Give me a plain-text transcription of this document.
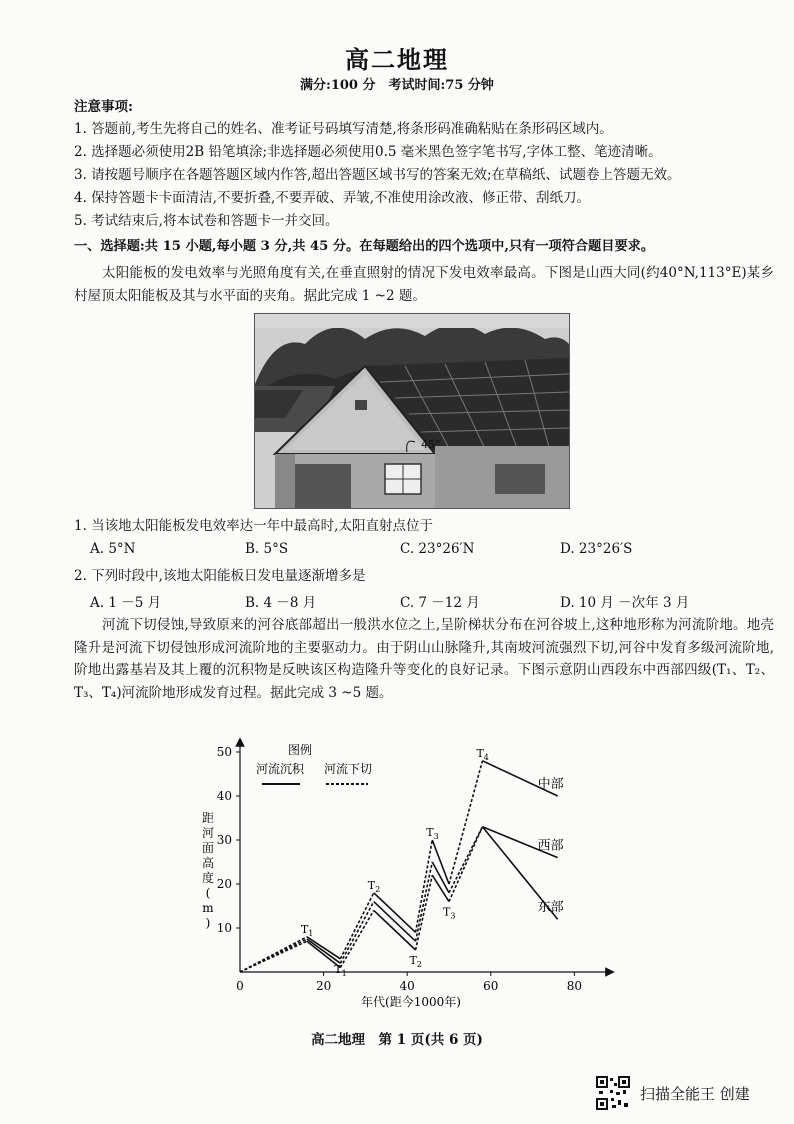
高二地理
满分:100 分　考试时间:75 分钟
注意事项:
1. 答题前,考生先将自己的姓名、准考证号码填写清楚,将条形码准确粘贴在条形码区域内。
2. 选择题必须使用2B 铅笔填涂;非选择题必须使用0.5 毫米黑色签字笔书写,字体工整、笔迹清晰。
3. 请按题号顺序在各题答题区域内作答,超出答题区域书写的答案无效;在草稿纸、试题卷上答题无效。
4. 保持答题卡卡面清洁,不要折叠,不要弄破、弄皱,不准使用涂改液、修正带、刮纸刀。
5. 考试结束后,将本试卷和答题卡一并交回。
一、选择题:共 15 小题,每小题 3 分,共 45 分。在每题给出的四个选项中,只有一项符合题目要求。

太阳能板的发电效率与光照角度有关,在垂直照射的情况下发电效率最高。下图是山西大同(约40°N,113°E)某乡村屋顶太阳能板及其与水平面的夹角。据此完成 1 ~2 题。

45°
1. 当该地太阳能板发电效率达一年中最高时,太阳直射点位于
A. 5°N	B. 5°S	C. 23°26′N	D. 23°26′S
2. 下列时段中,该地太阳能板日发电量逐渐增多是
A. 1 －5 月	B. 4 －8 月	C. 7 －12 月	D. 10 月 －次年 3 月

河流下切侵蚀,导致原来的河谷底部超出一般洪水位之上,呈阶梯状分布在河谷坡上,这种地形称为河流阶地。地壳隆升是河流下切侵蚀形成河流阶地的主要驱动力。由于阴山山脉隆升,其南坡河流强烈下切,河谷中发育多级河流阶地,阶地出露基岩及其上覆的沉积物是反映该区构造隆升等变化的良好记录。下图示意阴山西段东中西部四级(T₁、T₂、T₃、T₄)河流阶地形成发育过程。据此完成 3 ~5 题。

10
20
30
40
50
0	20	40	60	80
中部
西部
东部
$T_1$
$T_1$
$T_2$
$T_2$
$T_3$
$T_3$
$T_4$
图例
河流沉积 河流下切
距
河
面
高
度
(
m
)
年代(距今1000年)
高二地理　第 1 页(共 6 页)
扫描全能王 创建
